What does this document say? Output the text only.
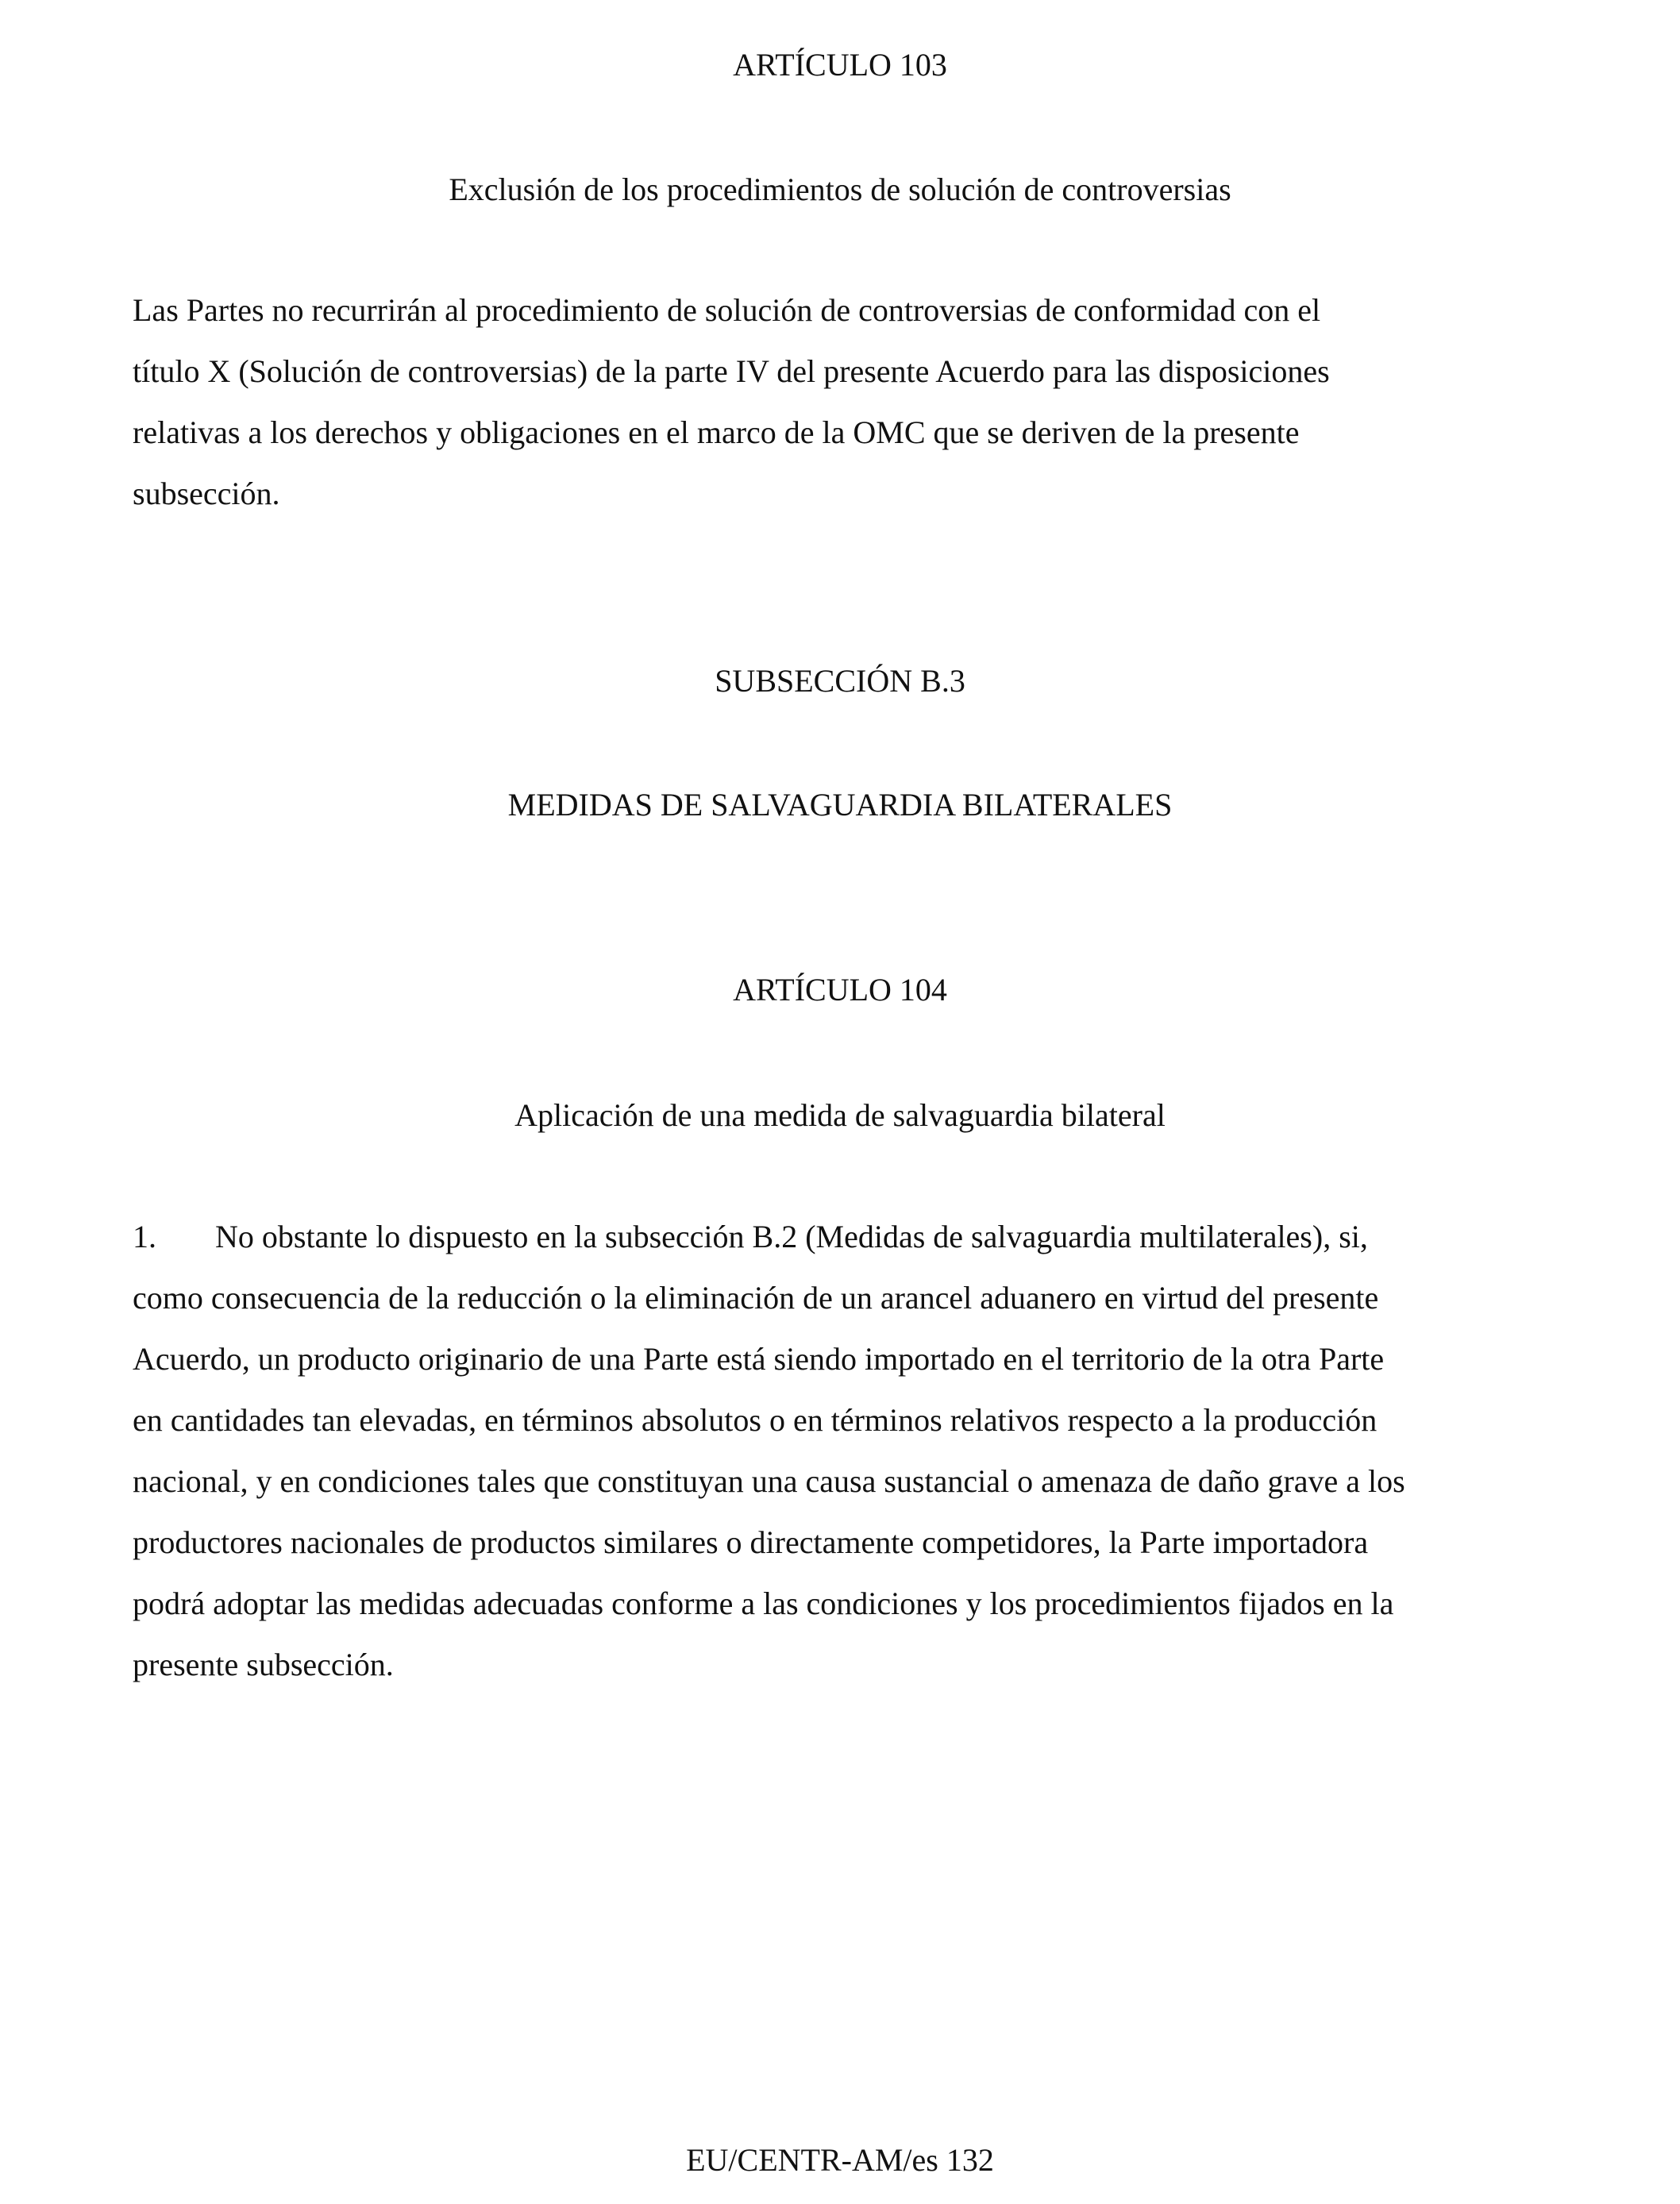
ARTÍCULO 103
Exclusión de los procedimientos de solución de controversias
Las Partes no recurrirán al procedimiento de solución de controversias de conformidad con el
título X (Solución de controversias) de la parte IV del presente Acuerdo para las disposiciones
relativas a los derechos y obligaciones en el marco de la OMC que se deriven de la presente
subsección.
SUBSECCIÓN B.3
MEDIDAS DE SALVAGUARDIA BILATERALES
ARTÍCULO 104
Aplicación de una medida de salvaguardia bilateral
1. No obstante lo dispuesto en la subsección B.2 (Medidas de salvaguardia multilaterales), si,
como consecuencia de la reducción o la eliminación de un arancel aduanero en virtud del presente
Acuerdo, un producto originario de una Parte está siendo importado en el territorio de la otra Parte
en cantidades tan elevadas, en términos absolutos o en términos relativos respecto a la producción
nacional, y en condiciones tales que constituyan una causa sustancial o amenaza de daño grave a los
productores nacionales de productos similares o directamente competidores, la Parte importadora
podrá adoptar las medidas adecuadas conforme a las condiciones y los procedimientos fijados en la
presente subsección.
EU/CENTR-AM/es 132
